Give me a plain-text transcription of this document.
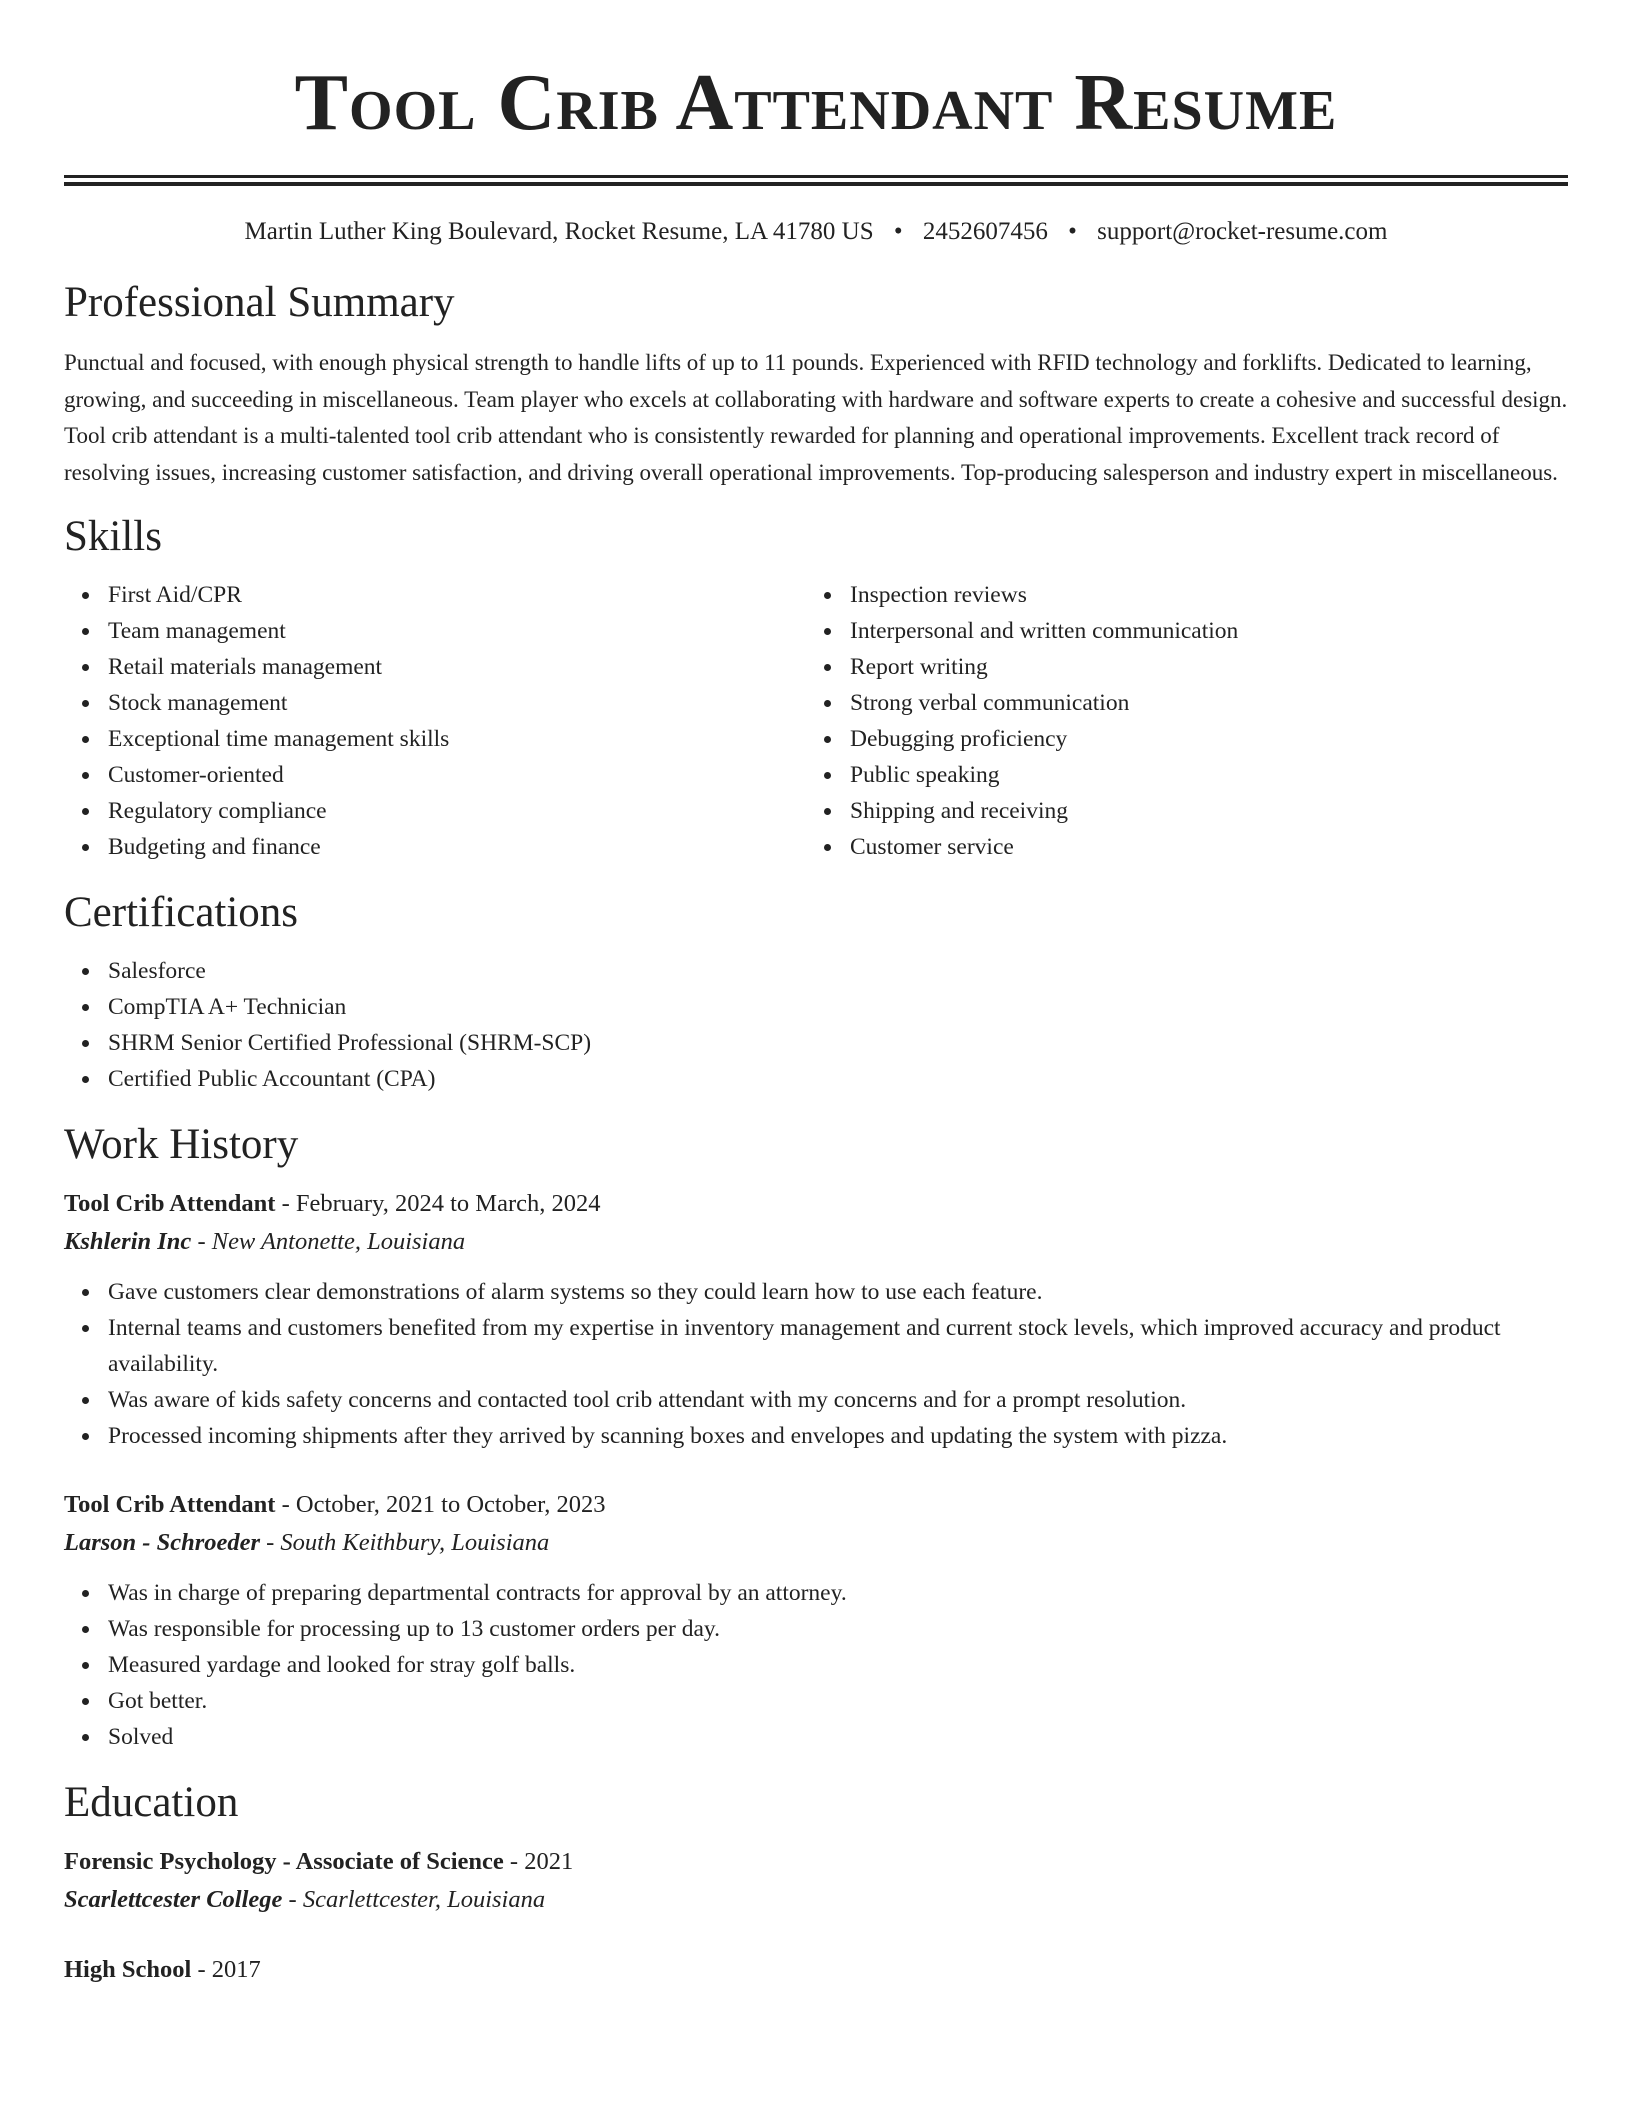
Tool Crib Attendant Resume
Martin Luther King Boulevard, Rocket Resume, LA 41780 US • 2452607456 • support@rocket-resume.com
Professional Summary

Punctual and focused, with enough physical strength to handle lifts of up to 11 pounds. Experienced with RFID technology and forklifts. Dedicated to learning, growing, and succeeding in miscellaneous. Team player who excels at collaborating with hardware and software experts to create a cohesive and successful design. Tool crib attendant is a multi-talented tool crib attendant who is consistently rewarded for planning and operational improvements. Excellent track record of resolving issues, increasing customer satisfaction, and driving overall operational improvements. Top-producing salesperson and industry expert in miscellaneous.

Skills
First Aid/CPR
Team management
Retail materials management
Stock management
Exceptional time management skills
Customer-oriented
Regulatory compliance
Budgeting and finance
Inspection reviews
Interpersonal and written communication
Report writing
Strong verbal communication
Debugging proficiency
Public speaking
Shipping and receiving
Customer service
Certifications
Salesforce
CompTIA A+ Technician
SHRM Senior Certified Professional (SHRM-SCP)
Certified Public Accountant (CPA)
Work History
Tool Crib Attendant - February, 2024 to March, 2024
Kshlerin Inc - New Antonette, Louisiana
Gave customers clear demonstrations of alarm systems so they could learn how to use each feature.
Internal teams and customers benefited from my expertise in inventory management and current stock levels, which improved accuracy and product availability.
Was aware of kids safety concerns and contacted tool crib attendant with my concerns and for a prompt resolution.
Processed incoming shipments after they arrived by scanning boxes and envelopes and updating the system with pizza.
Tool Crib Attendant - October, 2021 to October, 2023
Larson - Schroeder - South Keithbury, Louisiana
Was in charge of preparing departmental contracts for approval by an attorney.
Was responsible for processing up to 13 customer orders per day.
Measured yardage and looked for stray golf balls.
Got better.
Solved
Education
Forensic Psychology - Associate of Science - 2021
Scarlettcester College - Scarlettcester, Louisiana
High School - 2017
